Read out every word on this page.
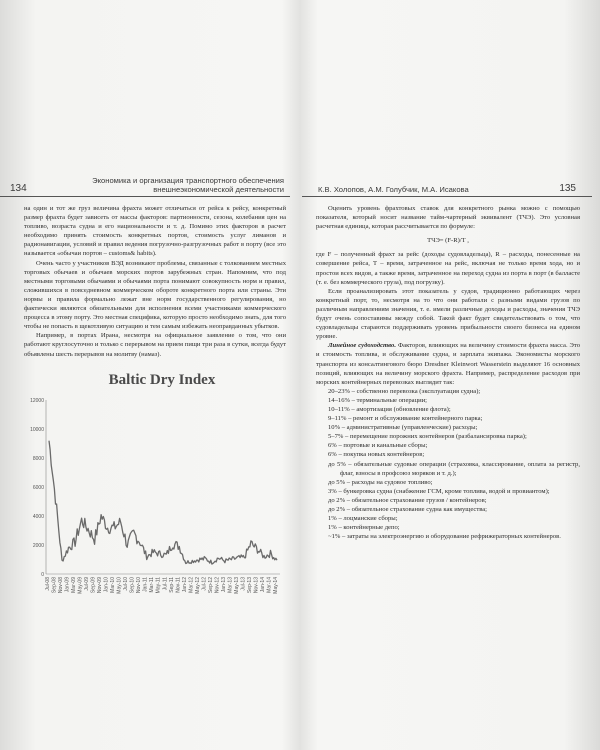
134
Экономика и организация транспортного обеспечения внешнеэкономической деятельности

на один и тот же груз величина фрахта может отличаться от рейса к рейсу, конкретный размер фрахта будет зависеть от массы факторов: партионности, сезона, колебания цен на топливо, возраста судна и его национальности и т. д. Помимо этих факторов в расчет необходимо принять стоимость конкретных портов, стоимость услуг лиманов и радионавигации, условий и правил ведения погрузочно-разгрузочных работ в порту (все это называется «обычаи портов – customs& habits).

Очень часто у участников ВЭД возникают проблемы, связанные с толкованием местных торговых обычаев и обычаев морских портов зарубежных стран. Напомним, что под местными торговыми обычаями и обычаями порта понимают совокупность норм и правил, сложившихся в повседневном коммерческом обороте конкретного порта или страны. Эти нормы и правила формально лежат вне норм государственного регулирования, но фактически являются обязательными для исполнения всеми участниками коммерческого процесса в этому порту. Это местная специфика, которую просто необходимо знать, для того чтобы не попасть в щекотливую ситуацию и тем самым избежать неоправданных убытков.

Например, в портах Ирана, несмотря на официальное заявление о том, что они работают круглосуточно и только с перерывом на прием пищи три раза в сутки, всегда будут объявлены шесть перерывов на молитву (намаз).

Baltic Dry Index
12000
10000
8000
6000
4000
2000
0
Jul-08 Sep-08 Nov-08 Jan-09 Mar-09 May-09 Jul-09 Sep-09 Nov-09 Jan-10 Mar-10 May-10 Jul-10 Sep-10 Nov-10 Jan-11 Mar-11 May-11 Jul-11 Sep-11 Nov-11 Jan-12 Mar-12 May-12 Jul-12 Sep-12 Nov-12 Jan-13 Mar-13 May-13 Jul-13 Sep-13 Nov-13 Jan-14 Mar-14 May-14
К.В. Холопов, А.М. Голубчик, М.А. Исакова	135

Оценить уровень фрахтовых ставок для конкретного рынка можно с помощью показателя, который носит название тайм-чартерный эквивалент (ТЧЭ). Это условная расчетная единица, которая рассчитывается по формуле:

ТЧЭ= (F-R)/T ,

где F – полученный фрахт за рейс (доходы судовладельца), R – расходы, понесенные на совершение рейса, Т – время, затраченное на рейс, включая не только время хода, но и простои всех видов, а также время, затраченное на переход судна из порта в порт (в балласте (т. е. без коммерческого груза), под погрузку).

Если проанализировать этот показатель у судов, традиционно работающих через конкретный порт, то, несмотря на то что они работали с разными видами грузов по различным направлениям значения, т. е. имели различные доходы и расходы, значения ТЧЭ будут очень сопоставимы между собой. Такой факт будет свидетельствовать о том, что судовладельцы стараются поддерживать уровень прибыльности своего бизнеса на едином уровне.

Линейное судоходство. Факторов, влияющих на величину стоимости фрахта масса. Это и стоимость топлива, и обслуживание судна, и зарплата экипажа. Экономисты морского транспорта из консалтингового бюро Dresdner Kleinwort Wasserstein выделяют 16 основных позиций, влияющих на величину морского фрахта. Например, распределение расходов при морских контейнерных перевозках выглядит так:

20–23% – собственно перевозка (эксплуатация судна);
14–16% – терминальные операции;
10–11% – амортизация (обновление флота);
9–11% – ремонт и обслуживание контейнерного парка;
10% – административные (управленческие) расходы;
5–7% – перемещение порожних контейнеров (разбалансировка парка);
6% – портовые и канальные сборы;
6% – покупка новых контейнеров;
до 5% – обязательные судовые операции (страховка, классирование, оплата за регистр, флаг, взносы в профсоюз моряков и т. д.);
до 5% – расходы на судовое топливо;
3% – бункеровка судна (снабжение ГСМ, кроме топлива, водой и провиантом);
до 2% – обязательное страхование грузов / контейнеров;
до 2% – обязательное страхование судна как имущества;
1% – лоцманские сборы;
1% – контейнерные депо;
~1% – затраты на электроэнергию и оборудование рефрижераторных контейнеров.
